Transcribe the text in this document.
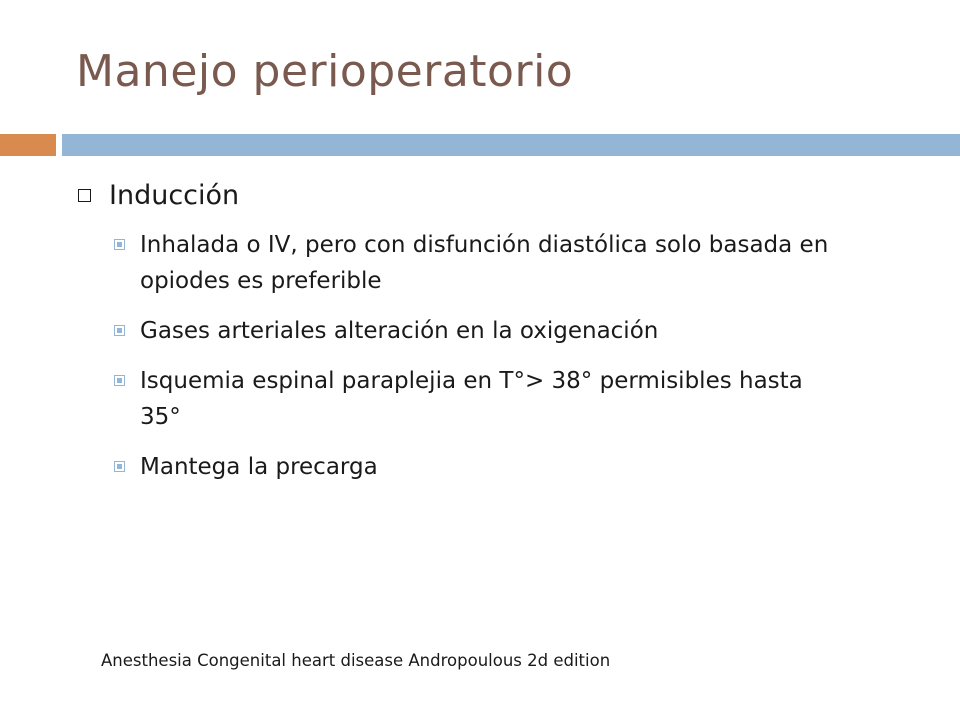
Manejo perioperatorio
Inducción
Inhalada o IV, pero con disfunción diastólica solo basada en opiodes es preferible
Gases arteriales alteración en la oxigenación
Isquemia espinal paraplejia en T°> 38° permisibles hasta 35°
Mantega la precarga
Anesthesia Congenital heart disease Andropoulous 2d edition
